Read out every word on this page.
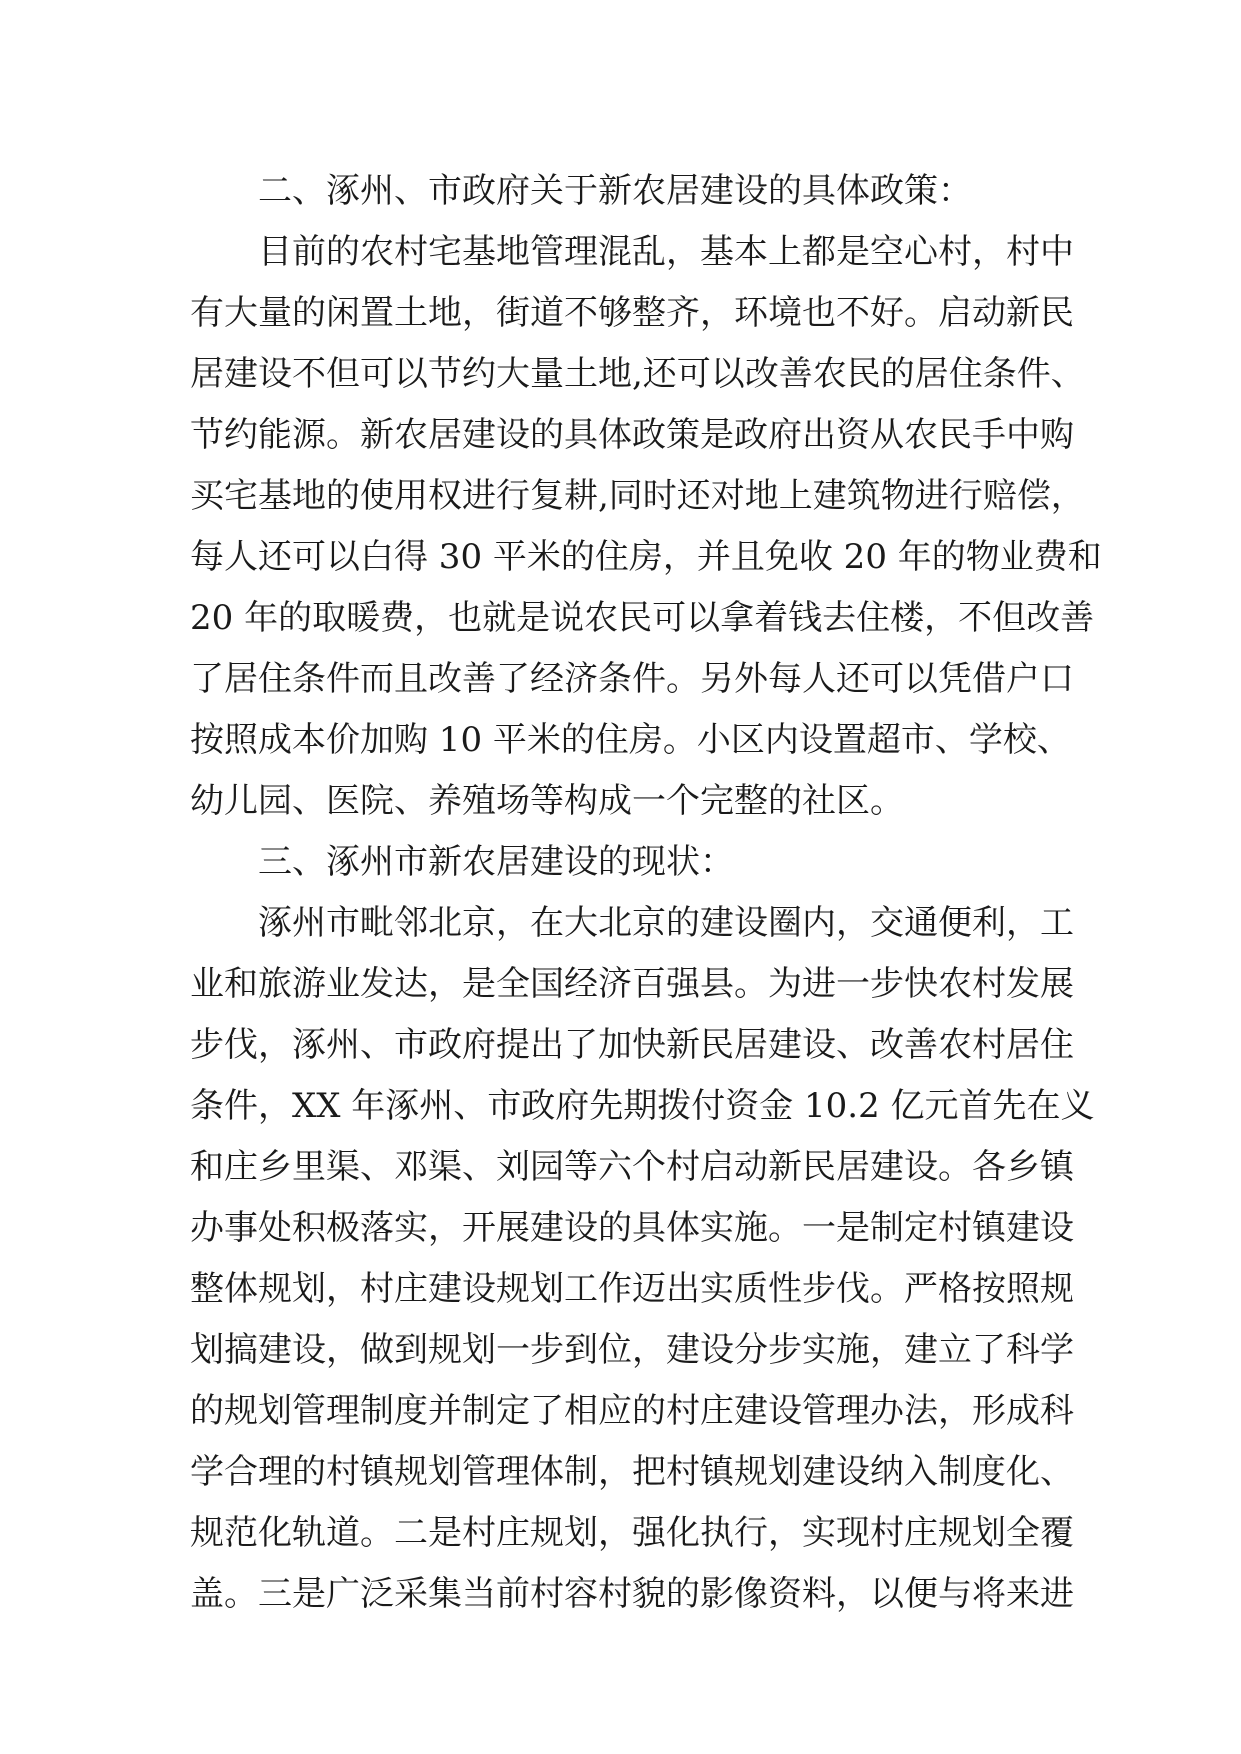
　　二、涿州、市政府关于新农居建设的具体政策：
　　目前的农村宅基地管理混乱，基本上都是空心村，村中
有大量的闲置土地，街道不够整齐，环境也不好。启动新民
居建设不但可以节约大量土地,还可以改善农民的居住条件、
节约能源。新农居建设的具体政策是政府出资从农民手中购
买宅基地的使用权进行复耕,同时还对地上建筑物进行赔偿，
每人还可以白得 30 平米的住房，并且免收 20 年的物业费和
20 年的取暖费，也就是说农民可以拿着钱去住楼，不但改善
了居住条件而且改善了经济条件。另外每人还可以凭借户口
按照成本价加购 10 平米的住房。小区内设置超市、学校、
幼儿园、医院、养殖场等构成一个完整的社区。
　　三、涿州市新农居建设的现状：
　　涿州市毗邻北京，在大北京的建设圈内，交通便利，工
业和旅游业发达，是全国经济百强县。为进一步快农村发展
步伐，涿州、市政府提出了加快新民居建设、改善农村居住
条件，XX 年涿州、市政府先期拨付资金 10.2 亿元首先在义
和庄乡里渠、邓渠、刘园等六个村启动新民居建设。各乡镇
办事处积极落实，开展建设的具体实施。一是制定村镇建设
整体规划，村庄建设规划工作迈出实质性步伐。严格按照规
划搞建设，做到规划一步到位，建设分步实施，建立了科学
的规划管理制度并制定了相应的村庄建设管理办法，形成科
学合理的村镇规划管理体制，把村镇规划建设纳入制度化、
规范化轨道。二是村庄规划，强化执行，实现村庄规划全覆
盖。三是广泛采集当前村容村貌的影像资料，以便与将来进
